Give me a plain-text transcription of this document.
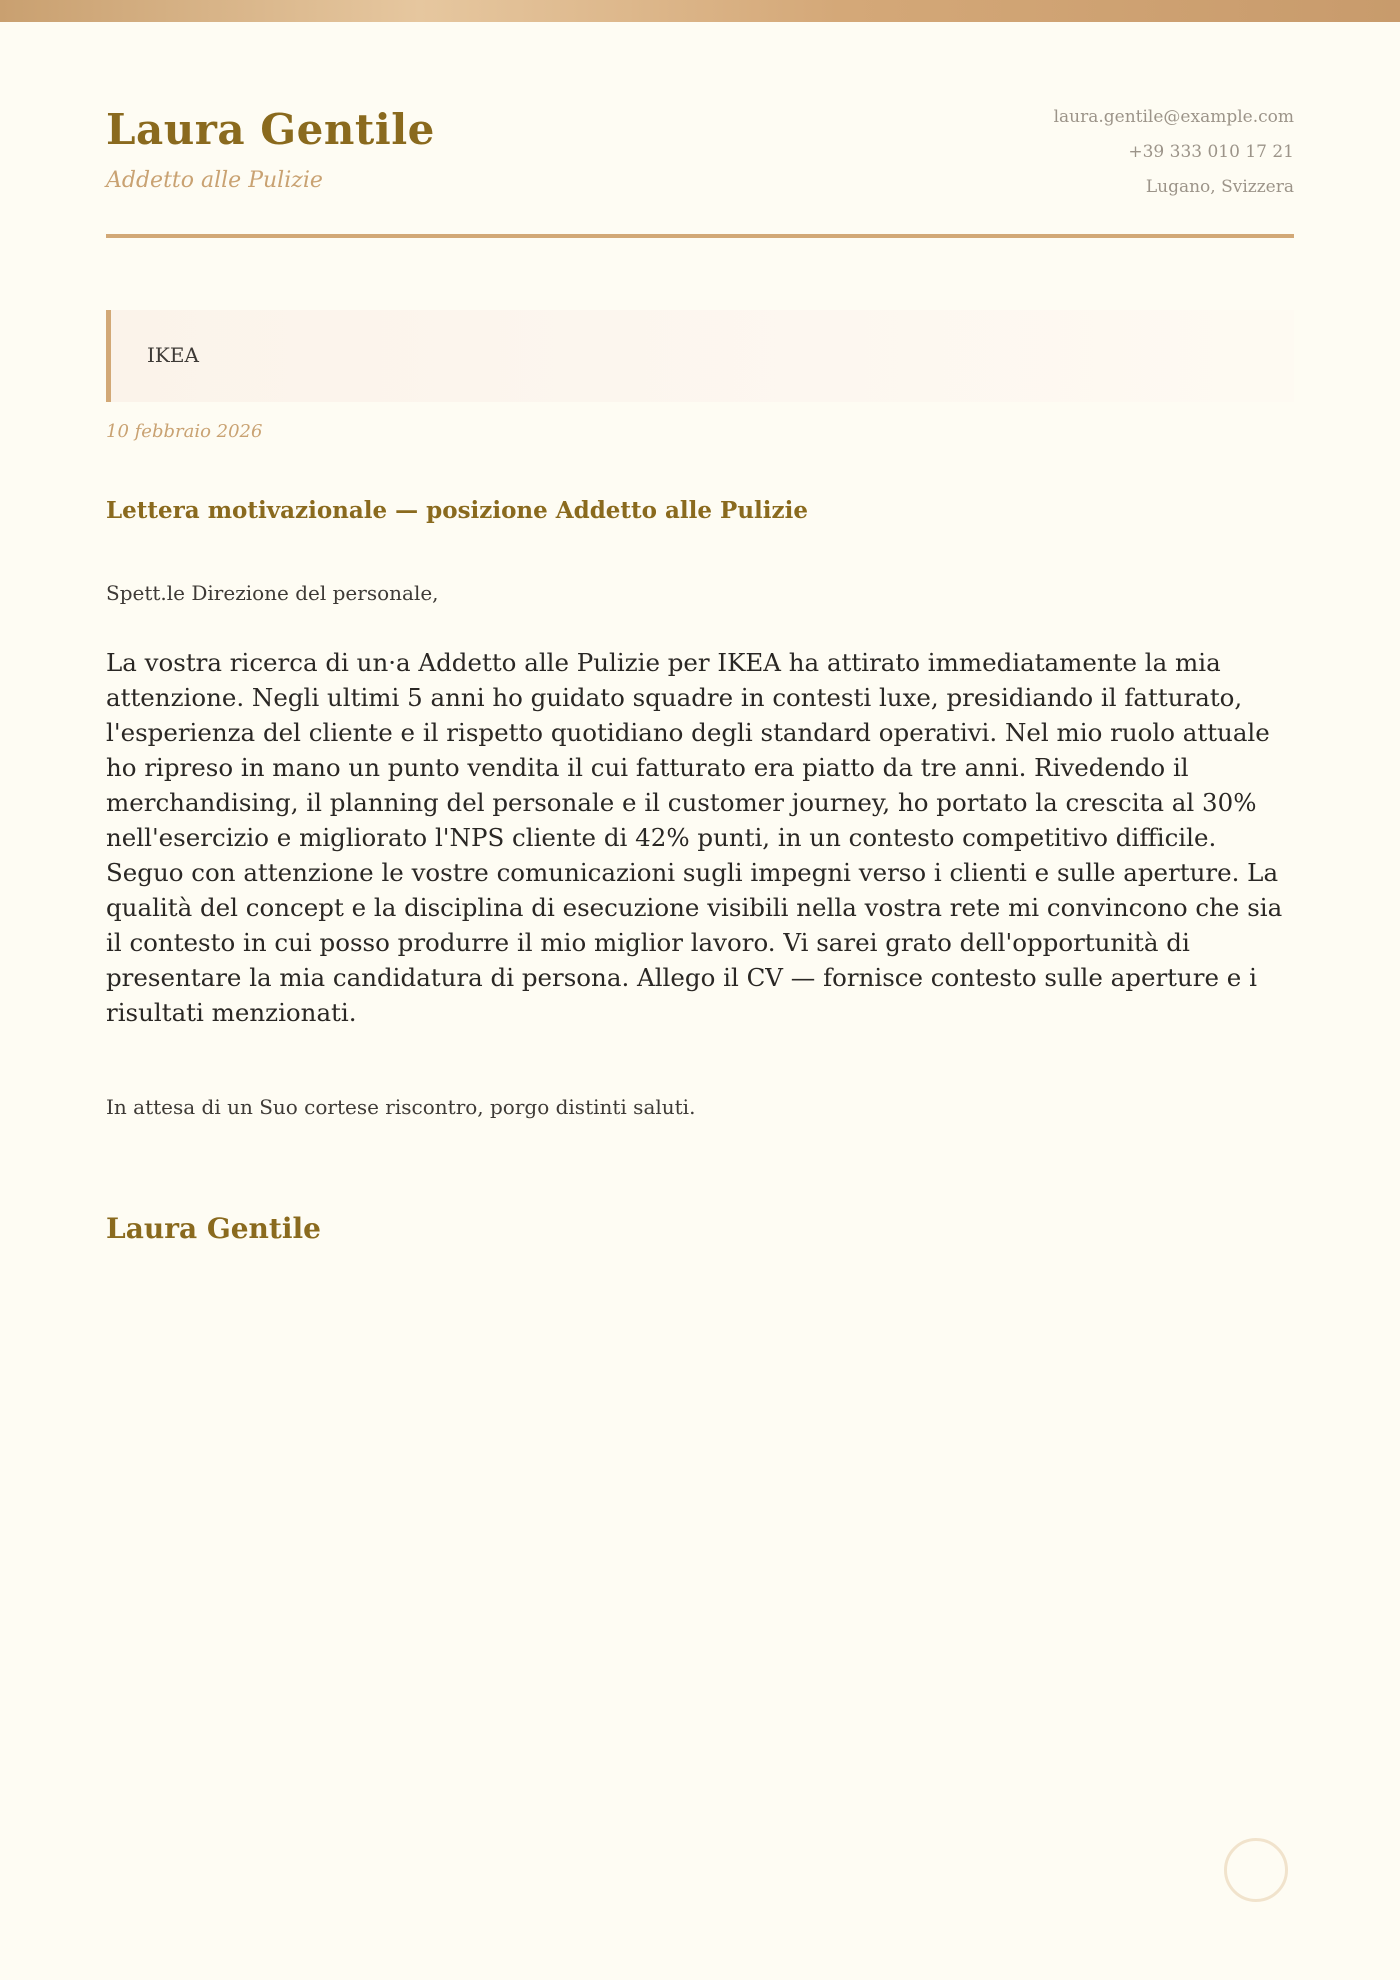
Laura Gentile
Addetto alle Pulizie
laura.gentile@example.com
+39 333 010 17 21
Lugano, Svizzera
IKEA
10 febbraio 2026
Lettera motivazionale — posizione Addetto alle Pulizie
Spett.le Direzione del personale,

La vostra ricerca di un·a Addetto alle Pulizie per IKEA ha attirato immediatamente la mia attenzione. Negli ultimi 5 anni ho guidato squadre in contesti luxe, presidiando il fatturato, l'esperienza del cliente e il rispetto quotidiano degli standard operativi. Nel mio ruolo attuale ho ripreso in mano un punto vendita il cui fatturato era piatto da tre anni. Rivedendo il merchandising, il planning del personale e il customer journey, ho portato la crescita al 30% nell'esercizio e migliorato l'NPS cliente di 42% punti, in un contesto competitivo difficile. Seguo con attenzione le vostre comunicazioni sugli impegni verso i clienti e sulle aperture. La qualità del concept e la disciplina di esecuzione visibili nella vostra rete mi convincono che sia il contesto in cui posso produrre il mio miglior lavoro. Vi sarei grato dell'opportunità di presentare la mia candidatura di persona. Allego il CV — fornisce contesto sulle aperture e i risultati menzionati.

In attesa di un Suo cortese riscontro, porgo distinti saluti.
Laura Gentile
